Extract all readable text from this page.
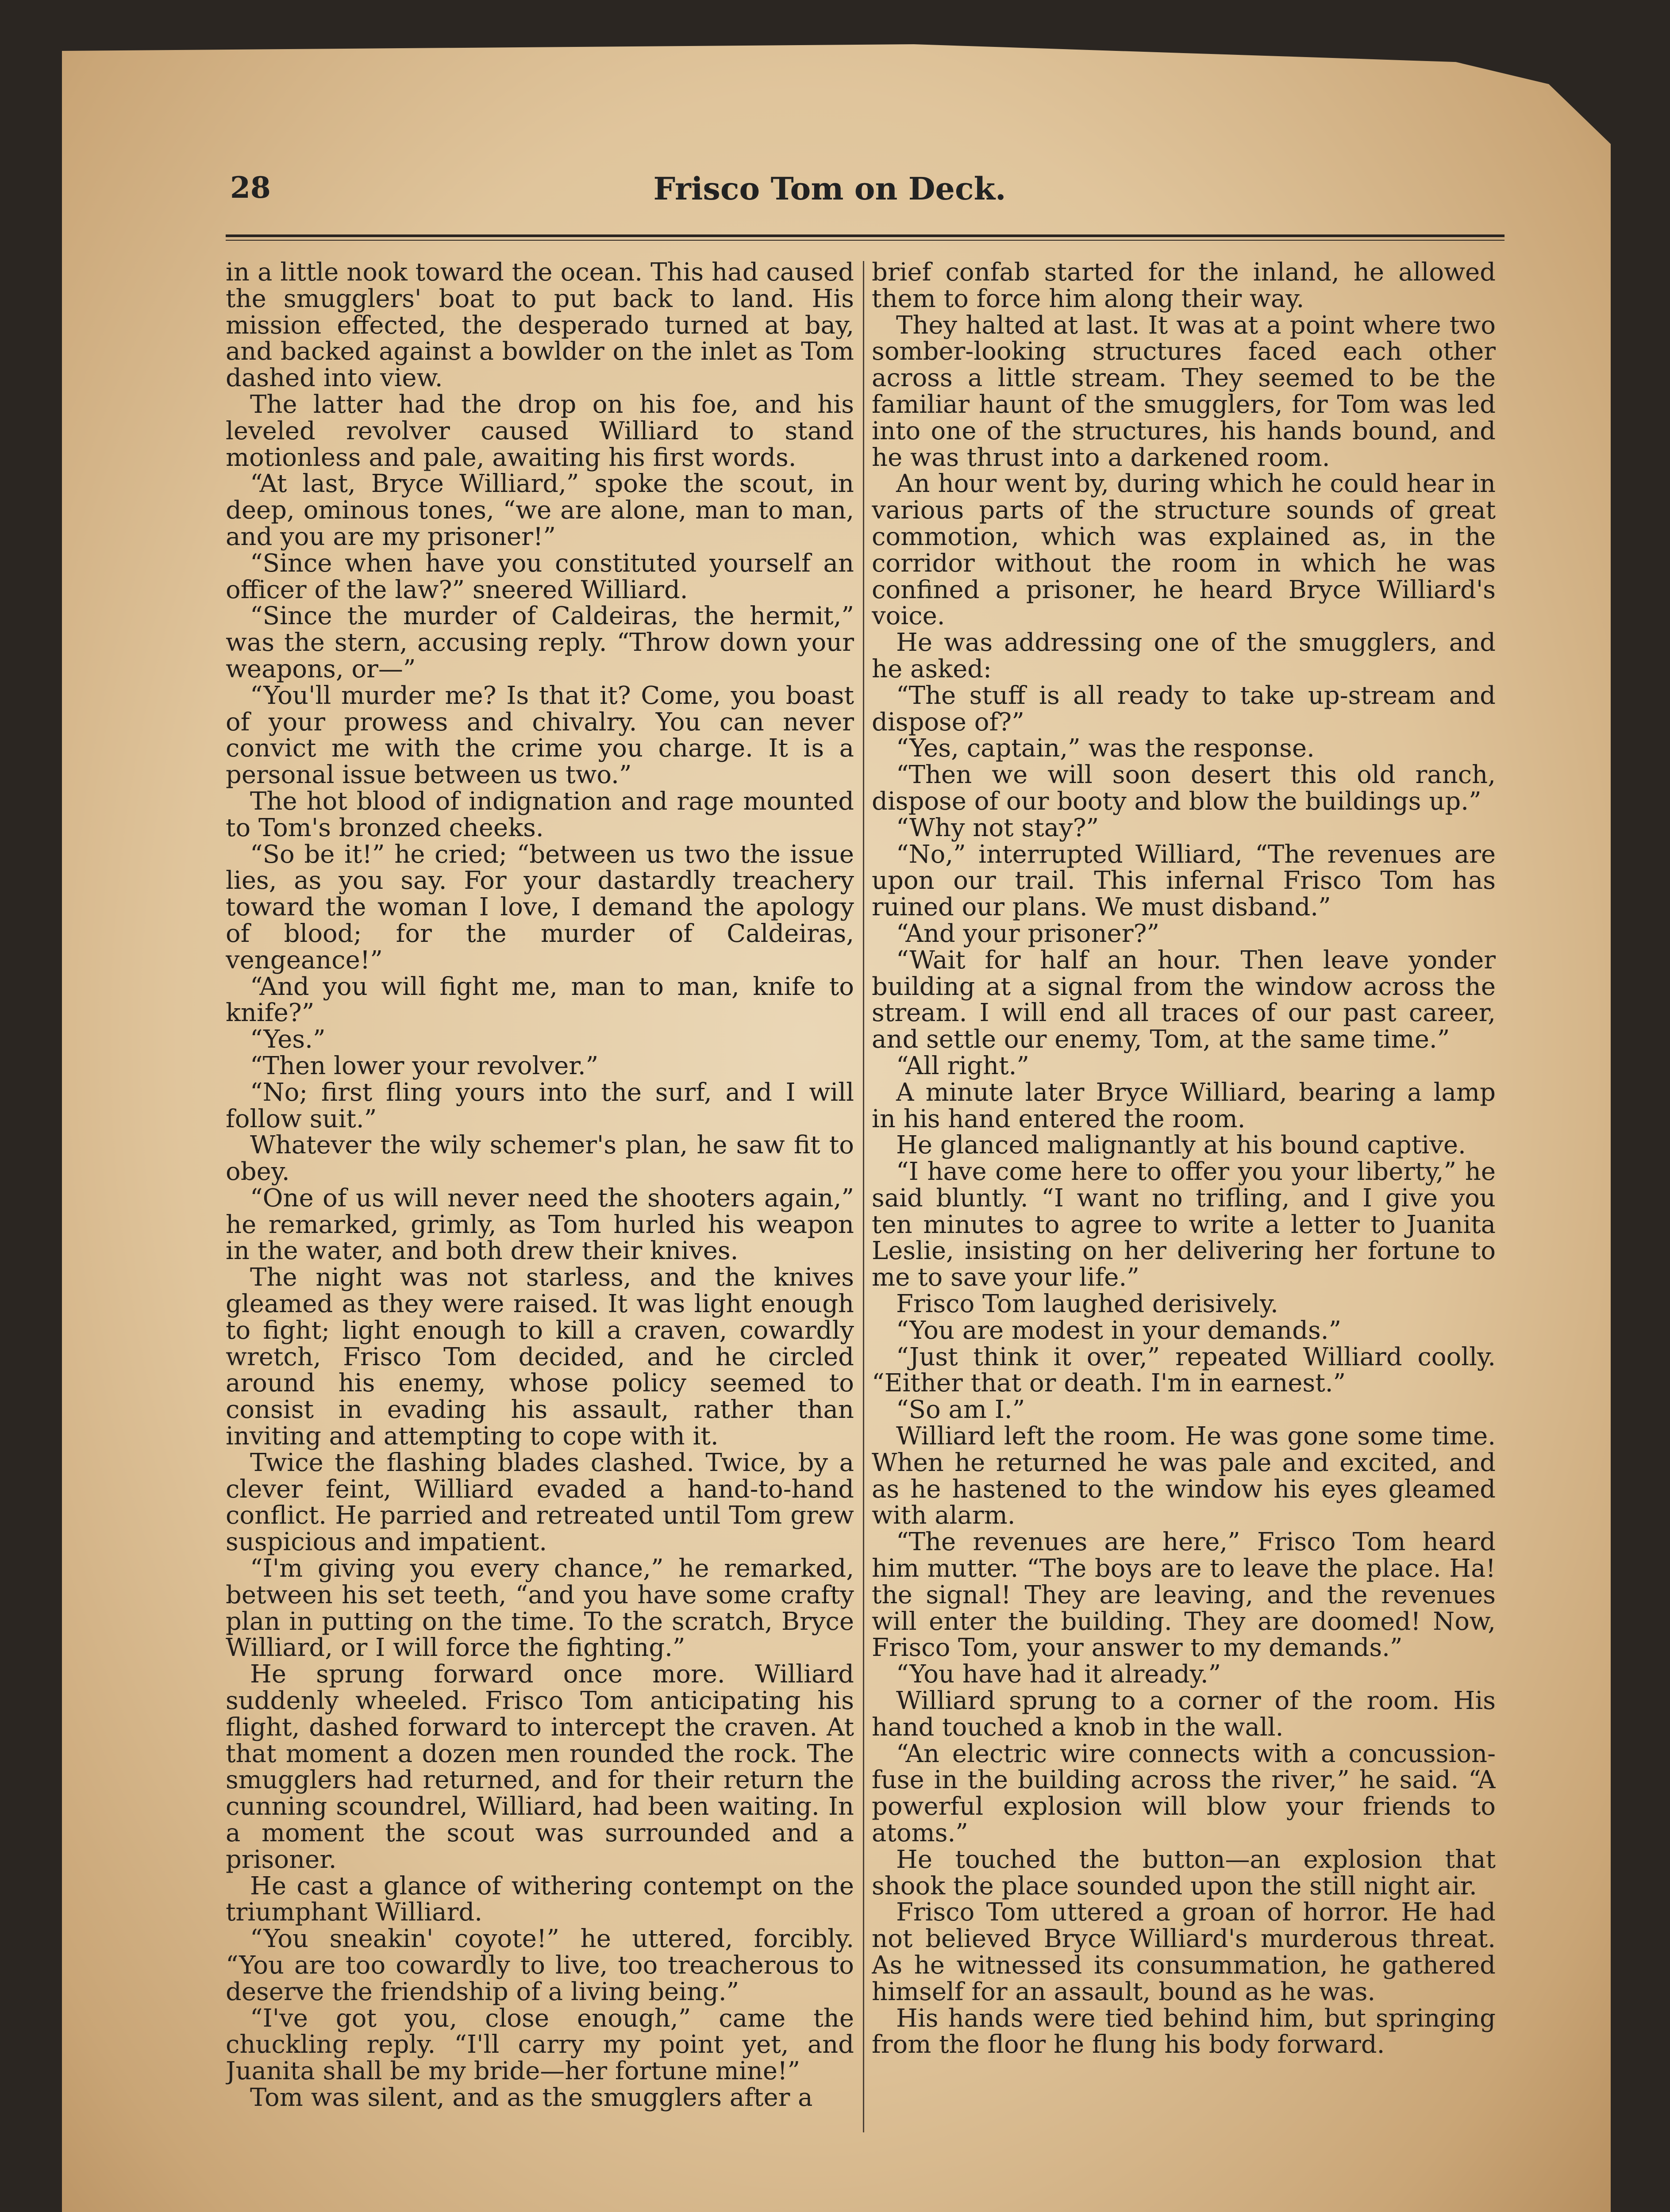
28	Frisco Tom on Deck.

in a little nook toward the ocean. This had caused the smugglers' boat to put back to land. His mission effected, the desperado turned at bay, and backed against a bowlder on the inlet as Tom dashed into view.

The latter had the drop on his foe, and his leveled revolver caused Williard to stand motionless and pale, awaiting his first words.

“At last, Bryce Williard,” spoke the scout, in deep, ominous tones, “we are alone, man to man, and you are my prisoner!”

“Since when have you constituted yourself an officer of the law?” sneered Williard.

“Since the murder of Caldeiras, the hermit,” was the stern, accusing reply. “Throw down your weapons, or—”

“You'll murder me? Is that it? Come, you boast of your prowess and chivalry. You can never convict me with the crime you charge. It is a personal issue between us two.”

The hot blood of indignation and rage mounted to Tom's bronzed cheeks.

“So be it!” he cried; “between us two the issue lies, as you say. For your dastardly treachery toward the woman I love, I demand the apology of blood; for the murder of Caldeiras, vengeance!”

“And you will fight me, man to man, knife to knife?”

“Yes.”

“Then lower your revolver.”

“No; first fling yours into the surf, and I will follow suit.”

Whatever the wily schemer's plan, he saw fit to obey.

“One of us will never need the shooters again,” he remarked, grimly, as Tom hurled his weapon in the water, and both drew their knives.

The night was not starless, and the knives gleamed as they were raised. It was light enough to fight; light enough to kill a craven, cowardly wretch, Frisco Tom decided, and he circled around his enemy, whose policy seemed to consist in evading his assault, rather than inviting and attempting to cope with it.

Twice the flashing blades clashed. Twice, by a clever feint, Williard evaded a hand-to-hand conflict. He parried and retreated until Tom grew suspicious and impatient.

“I'm giving you every chance,” he remarked, between his set teeth, “and you have some crafty plan in putting on the time. To the scratch, Bryce Williard, or I will force the fighting.”

He sprung forward once more. Williard suddenly wheeled. Frisco Tom anticipating his flight, dashed forward to intercept the craven. At that moment a dozen men rounded the rock. The smugglers had returned, and for their return the cunning scoundrel, Williard, had been waiting. In a moment the scout was surrounded and a prisoner.

He cast a glance of withering contempt on the triumphant Williard.

“You sneakin' coyote!” he uttered, forcibly. “You are too cowardly to live, too treacherous to deserve the friendship of a living being.”

“I've got you, close enough,” came the chuckling reply. “I'll carry my point yet, and Juanita shall be my bride—her fortune mine!”

Tom was silent, and as the smugglers after a

brief confab started for the inland, he allowed them to force him along their way.

They halted at last. It was at a point where two somber-looking structures faced each other across a little stream. They seemed to be the familiar haunt of the smugglers, for Tom was led into one of the structures, his hands bound, and he was thrust into a darkened room.

An hour went by, during which he could hear in various parts of the structure sounds of great commotion, which was explained as, in the corridor without the room in which he was confined a prisoner, he heard Bryce Williard's voice.

He was addressing one of the smugglers, and he asked:

“The stuff is all ready to take up-stream and dispose of?”

“Yes, captain,” was the response.

“Then we will soon desert this old ranch, dispose of our booty and blow the buildings up.”

“Why not stay?”

“No,” interrupted Williard, “The revenues are upon our trail. This infernal Frisco Tom has ruined our plans. We must disband.”

“And your prisoner?”

“Wait for half an hour. Then leave yonder building at a signal from the window across the stream. I will end all traces of our past career, and settle our enemy, Tom, at the same time.”

“All right.”

A minute later Bryce Williard, bearing a lamp in his hand entered the room.

He glanced malignantly at his bound captive.

“I have come here to offer you your liberty,” he said bluntly. “I want no trifling, and I give you ten minutes to agree to write a letter to Juanita Leslie, insisting on her delivering her fortune to me to save your life.”

Frisco Tom laughed derisively.

“You are modest in your demands.”

“Just think it over,” repeated Williard coolly. “Either that or death. I'm in earnest.”

“So am I.”

Williard left the room. He was gone some time. When he returned he was pale and excited, and as he hastened to the window his eyes gleamed with alarm.

“The revenues are here,” Frisco Tom heard him mutter. “The boys are to leave the place. Ha! the signal! They are leaving, and the revenues will enter the building. They are doomed! Now, Frisco Tom, your answer to my demands.”

“You have had it already.”

Williard sprung to a corner of the room. His hand touched a knob in the wall.

“An electric wire connects with a concussion-fuse in the building across the river,” he said. “A powerful explosion will blow your friends to atoms.”

He touched the button—an explosion that shook the place sounded upon the still night air.

Frisco Tom uttered a groan of horror. He had not believed Bryce Williard's murderous threat. As he witnessed its consummation, he gathered himself for an assault, bound as he was.

His hands were tied behind him, but springing from the floor he flung his body forward.
